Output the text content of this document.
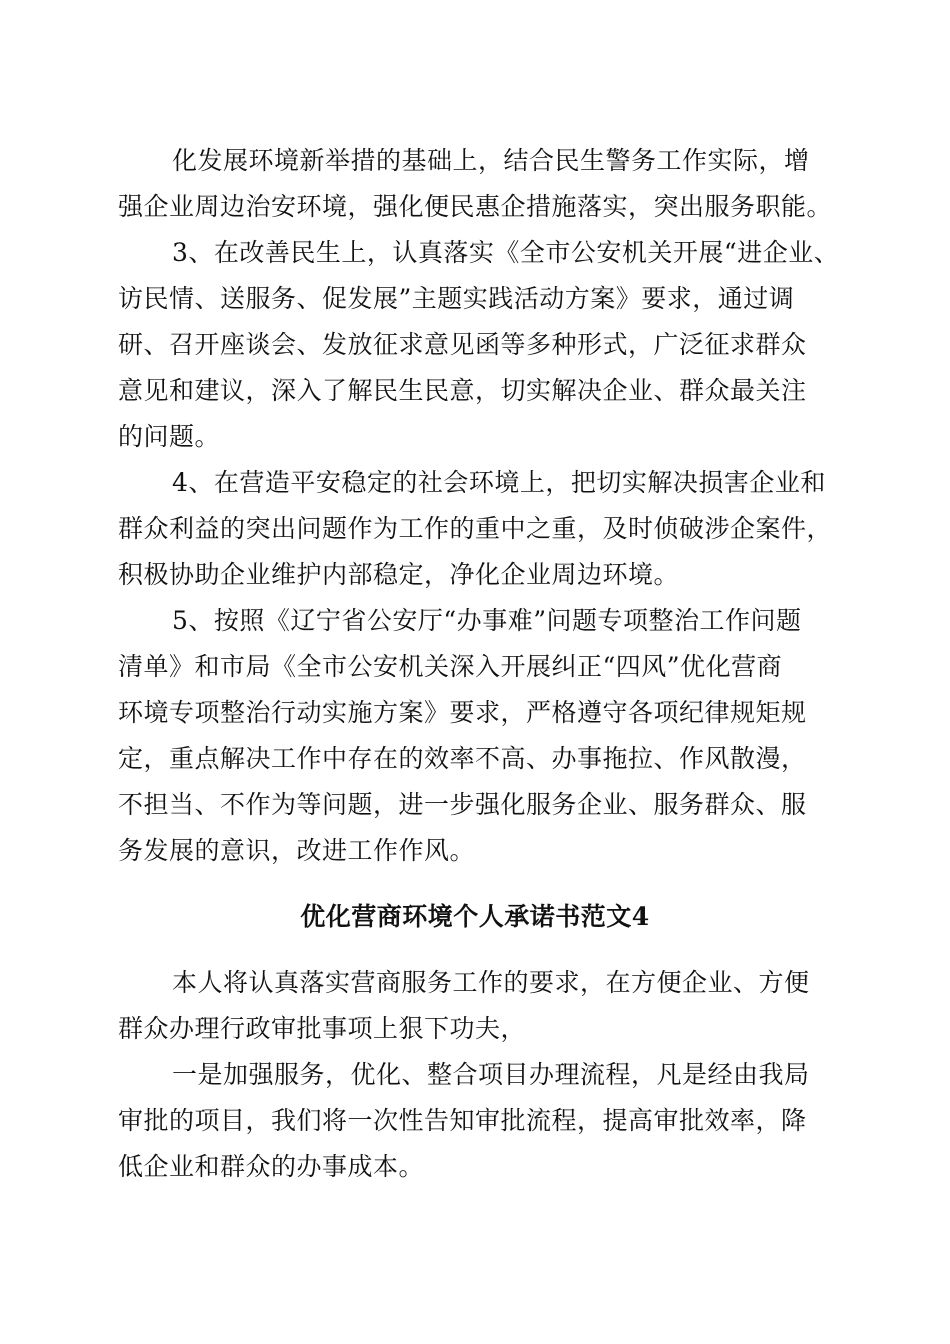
化发展环境新举措的基础上，结合民生警务工作实际，增
强企业周边治安环境，强化便民惠企措施落实，突出服务职能。
3、在改善民生上，认真落实《全市公安机关开展“进企业、
访民情、送服务、促发展”主题实践活动方案》要求，通过调
研、召开座谈会、发放征求意见函等多种形式，广泛征求群众
意见和建议，深入了解民生民意，切实解决企业、群众最关注
的问题。
4、在营造平安稳定的社会环境上，把切实解决损害企业和
群众利益的突出问题作为工作的重中之重，及时侦破涉企案件，
积极协助企业维护内部稳定，净化企业周边环境。
5、按照《辽宁省公安厅“办事难”问题专项整治工作问题
清单》和市局《全市公安机关深入开展纠正“四风”优化营商
环境专项整治行动实施方案》要求，严格遵守各项纪律规矩规
定，重点解决工作中存在的效率不高、办事拖拉、作风散漫，
不担当、不作为等问题，进一步强化服务企业、服务群众、服
务发展的意识，改进工作作风。
优化营商环境个人承诺书范文4
本人将认真落实营商服务工作的要求，在方便企业、方便
群众办理行政审批事项上狠下功夫，
一是加强服务，优化、整合项目办理流程，凡是经由我局
审批的项目，我们将一次性告知审批流程，提高审批效率，降
低企业和群众的办事成本。
